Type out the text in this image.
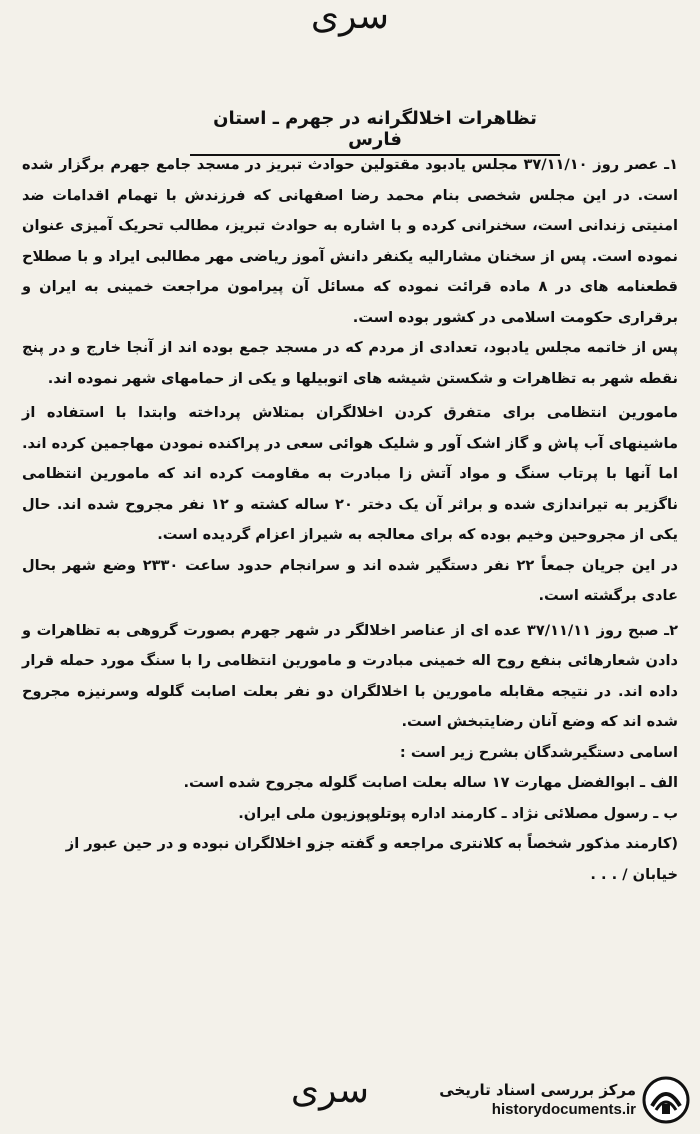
سری
تظاهرات اخلالگرانه در جهرم ـ استان فارس

۱ـ عصر روز ۳۷/۱۱/۱۰ مجلس یادبود مقتولین حوادث تبریز در مسجد جامع جهرم برگزار شده است. در این مجلس شخصی بنام محمد رضا اصفهانی که فرزندش با تهمام اقدامات ضد امنیتی زندانی است، سخنرانی کرده و با اشاره به حوادث تبریز، مطالب تحریک آمیزی عنوان نموده است. پس از سخنان مشارالیه یکنفر دانش آموز ریاضی مهر مطالبی ایراد و با صطلاح قطعنامه های در ۸ ماده قرائت نموده که مسائل آن پیرامون مراجعت خمینی به ایران و برقراری حکومت اسلامی در کشور بوده است.

پس از خاتمه مجلس یادبود، تعدادی از مردم که در مسجد جمع بوده اند از آنجا خارج و در پنج نقطه شهر به تظاهرات و شکستن شیشه های اتوبیلها و یکی از حمامهای شهر نموده اند.

مامورین انتظامی برای متفرق کردن اخلالگران بمتلاش پرداخته وابتدا با استفاده از ماشینهای آب پاش و گاز اشک آور و شلیک هوائی سعی در پراکنده نمودن مهاجمین کرده اند. اما آنها با پرتاب سنگ و مواد آتش زا مبادرت به مقاومت کرده اند که مامورین انتظامی ناگزیر به تیراندازی شده و براثر آن یک دختر ۲۰ ساله کشته و ۱۲ نفر مجروح شده اند. حال یکی از مجروحین وخیم بوده که برای معالجه به شیراز اعزام گردیده است.

در این جریان جمعاً ۲۲ نفر دستگیر شده اند و سرانجام حدود ساعت ۲۳۳۰ وضع شهر بحال عادی برگشته است.

۲ـ صبح روز ۳۷/۱۱/۱۱ عده ای از عناصر اخلالگر در شهر جهرم بصورت گروهی به تظاهرات و دادن شعارهائی بنفع روح اله خمینی مبادرت و مامورین انتظامی را با سنگ مورد حمله قرار داده اند. در نتیجه مقابله مامورین با اخلالگران دو نفر بعلت اصابت گلوله وسرنیزه مجروح شده اند که وضع آنان رضایتبخش است.

اسامی دستگیرشدگان بشرح زیر است :

الف ـ ابوالفضل مهارت ۱۷ ساله بعلت اصابت گلوله مجروح شده است.

ب ـ رسول مصلائی نژاد ـ کارمند اداره پوتلوپوزیون ملی ایران.

(کارمند مذکور شخصاً به کلانتری مراجعه و گفته جزو اخلالگران نبوده و در حین عبور از

خیابان / . . .

سری	مرکز بررسی اسناد تاریخی
historydocuments.ir
